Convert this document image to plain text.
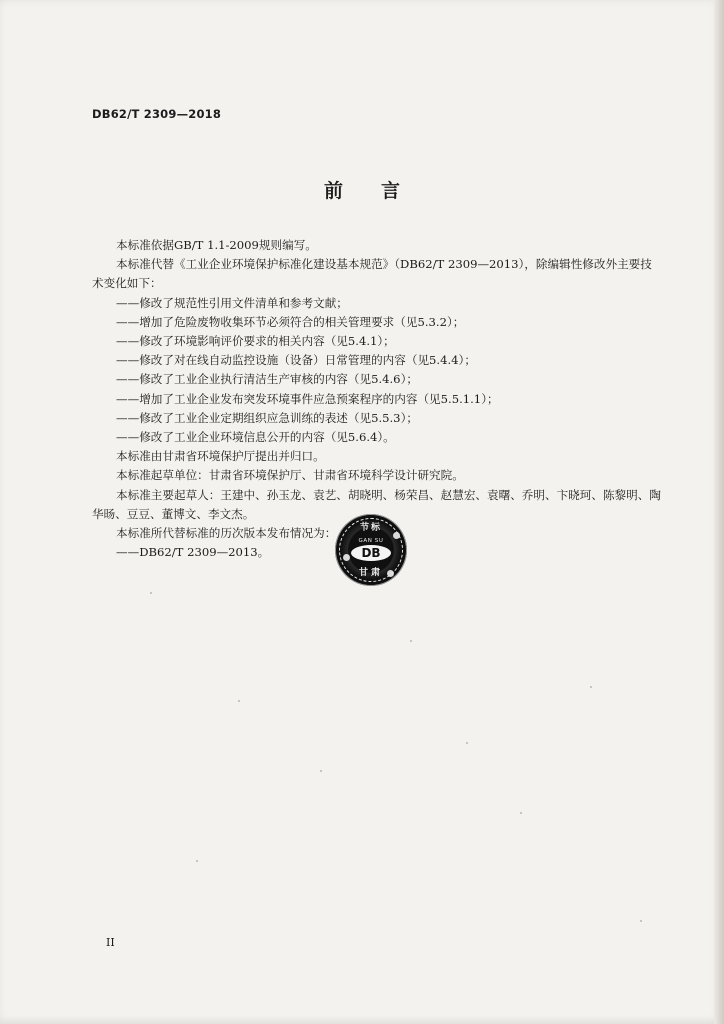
DB62/T 2309—2018
前言

本标准依据GB/T 1.1-2009规则编写。

本标准代替《工业企业环境保护标准化建设基本规范》（DB62/T 2309—2013），除编辑性修改外主要技术变化如下：

——修改了规范性引用文件清单和参考文献；

——增加了危险废物收集环节必须符合的相关管理要求（见5.3.2）；

——修改了环境影响评价要求的相关内容（见5.4.1）；

——修改了对在线自动监控设施（设备）日常管理的内容（见5.4.4）；

——修改了工业企业执行清洁生产审核的内容（见5.4.6）；

——增加了工业企业发布突发环境事件应急预案程序的内容（见5.5.1.1）；

——修改了工业企业定期组织应急训练的表述（见5.5.3）；

——修改了工业企业环境信息公开的内容（见5.6.4）。

本标准由甘肃省环境保护厅提出并归口。

本标准起草单位：甘肃省环境保护厅、甘肃省环境科学设计研究院。

本标准主要起草人：王建中、孙玉龙、袁艺、胡晓明、杨荣昌、赵慧宏、袁曙、乔明、卞晓珂、陈黎明、陶华旸、豆豆、董博文、李文杰。

本标准所代替标准的历次版本发布情况为：

——DB62/T 2309—2013。

节标
GAN SU
DB
甘肃
II
